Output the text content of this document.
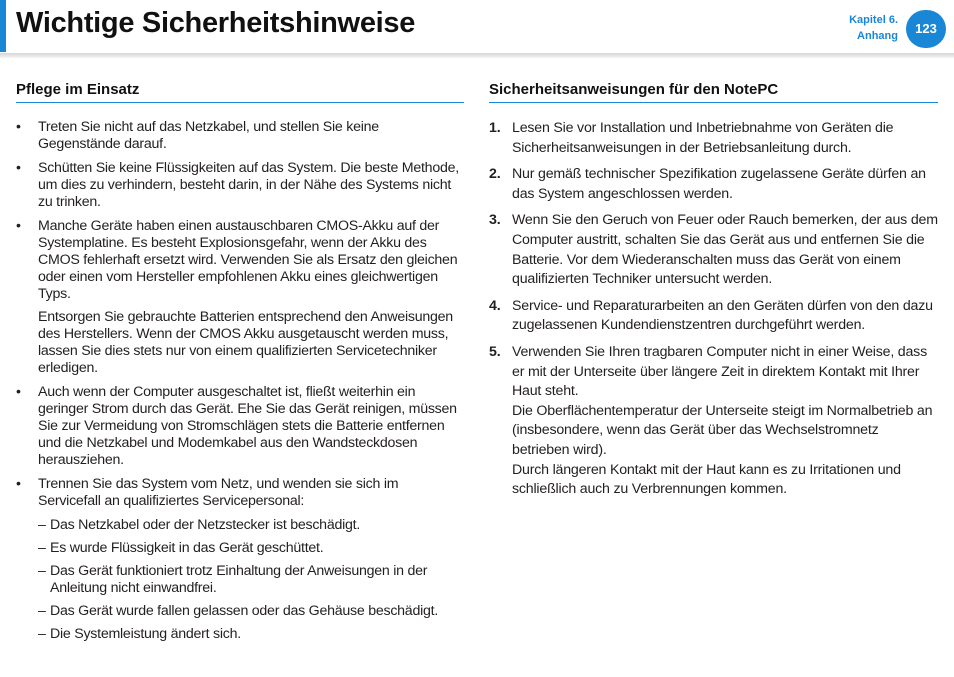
Wichtige Sicherheitshinweise	Kapitel 6.
Anhang	123
Pflege im Einsatz
• Treten Sie nicht auf das Netzkabel, und stellen Sie keine Gegenstände darauf.
• Schütten Sie keine Flüssigkeiten auf das System. Die beste Methode, um dies zu verhindern, besteht darin, in der Nähe des Systems nicht zu trinken.
• Manche Geräte haben einen austauschbaren CMOS-Akku auf der Systemplatine. Es besteht Explosionsgefahr, wenn der Akku des CMOS fehlerhaft ersetzt wird. Verwenden Sie als Ersatz den gleichen oder einen vom Hersteller empfohlenen Akku eines gleichwertigen Typs.

Entsorgen Sie gebrauchte Batterien entsprechend den Anweisungen des Herstellers. Wenn der CMOS Akku ausgetauscht werden muss, lassen Sie dies stets nur von einem qualifizierten Servicetechniker erledigen.

• Auch wenn der Computer ausgeschaltet ist, fließt weiterhin ein geringer Strom durch das Gerät. Ehe Sie das Gerät reinigen, müssen Sie zur Vermeidung von Stromschlägen stets die Batterie entfernen und die Netzkabel und Modemkabel aus den Wandsteckdosen herausziehen.
• Trennen Sie das System vom Netz, und wenden sie sich im Servicefall an qualifiziertes Servicepersonal:
– Das Netzkabel oder der Netzstecker ist beschädigt.
– Es wurde Flüssigkeit in das Gerät geschüttet.
– Das Gerät funktioniert trotz Einhaltung der Anweisungen in der Anleitung nicht einwandfrei.
– Das Gerät wurde fallen gelassen oder das Gehäuse beschädigt.
– Die Systemleistung ändert sich.
Sicherheitsanweisungen für den NotePC
1. Lesen Sie vor Installation und Inbetriebnahme von Geräten die Sicherheitsanweisungen in der Betriebsanleitung durch.
2. Nur gemäß technischer Spezifikation zugelassene Geräte dürfen an das System angeschlossen werden.
3. Wenn Sie den Geruch von Feuer oder Rauch bemerken, der aus dem Computer austritt, schalten Sie das Gerät aus und entfernen Sie die Batterie. Vor dem Wiederanschalten muss das Gerät von einem qualifizierten Techniker untersucht werden.
4. Service- und Reparaturarbeiten an den Geräten dürfen von den dazu zugelassenen Kundendienstzentren durchgeführt werden.
5. Verwenden Sie Ihren tragbaren Computer nicht in einer Weise, dass er mit der Unterseite über längere Zeit in direktem Kontakt mit Ihrer Haut steht.
Die Oberflächentemperatur der Unterseite steigt im Normalbetrieb an (insbesondere, wenn das Gerät über das Wechselstromnetz betrieben wird).
Durch längeren Kontakt mit der Haut kann es zu Irritationen und schließlich auch zu Verbrennungen kommen.
